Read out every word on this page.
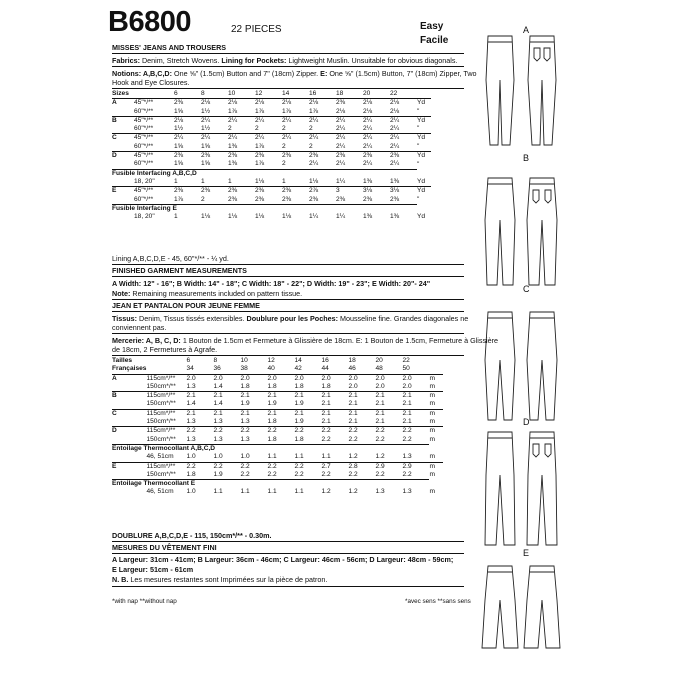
B6800	22 PIECES	Easy
Facile
MISSES' JEANS AND TROUSERS
Fabrics: Denim, Stretch Wovens. Lining for Pockets: Lightweight Muslin. Unsuitable for obvious diagonals.
Notions: A,B,C,D: One ⅝" (1.5cm) Button and 7" (18cm) Zipper. E: One ⅝" (1.5cm) Button, 7" (18cm) Zipper, Two
Hook and Eye Closures.
Sizes		6	8	10	12	14	16	18	20	22	
A	45"*/**	2⅜	2⅛	2⅛	2⅛	2⅛	2⅛	2⅜	2⅛	2⅛	Yd
	60"*/**	1⅝	1½	1⅞	1⅞	1⅞	1⅞	2⅛	2⅛	2⅛	"
B	45"*/**	2⅛	2¼	2¼	2¼	2¼	2¼	2¼	2¼	2¼	Yd
	60"*/**	1½	1½	2	2	2	2	2¼	2¼	2¼	"
C	45"*/**	2¼	2¼	2¼	2¼	2¼	2¼	2¼	2¼	2¼	Yd
	60"*/**	1⅝	1⅝	1⅜	1⅞	2	2	2¼	2¼	2¼	"
D	45"*/**	2⅜	2⅜	2⅜	2⅜	2⅜	2⅜	2⅜	2⅜	2⅜	Yd
	60"*/**	1⅝	1⅝	1⅜	1⅞	2	2¼	2¼	2¼	2¼	"
Fusible Interfacing A,B,C,D											
	18, 20"	1	1	1	1⅛	1	1⅛	1¼	1⅜	1⅜	Yd
E	45"*/**	2⅜	2⅜	2⅜	2⅜	2⅜	2⅞	3	3⅛	3⅛	Yd
	60"*/**	1⅞	2	2⅜	2⅜	2⅜	2⅜	2⅜	2⅜	2⅜	"
Fusible Interfacing E											
	18, 20"	1	1⅛	1⅛	1⅛	1⅛	1¼	1¼	1⅜	1⅜	Yd
Lining A,B,C,D,E - 45, 60"*/** - ¼ yd.
FINISHED GARMENT MEASUREMENTS
A Width: 12" - 16"; B Width: 14" - 18"; C Width: 18" - 22"; D Width: 19" - 23"; E Width: 20"- 24"
Note: Remaining measurements included on pattern tissue.
JEAN ET PANTALON POUR JEUNE FEMME
Tissus: Denim, Tissus tissés extensibles. Doublure pour les Poches: Mousseline fine. Grandes diagonales ne
conviennent pas.
Mercerie: A, B, C, D: 1 Bouton de 1.5cm et Fermeture à Glissière de 18cm. E: 1 Bouton de 1.5cm, Fermeture à Glissière
de 18cm, 2 Fermetures à Agrafe.
Tailles		6	8	10	12	14	16	18	20	22	
Françaises		34	36	38	40	42	44	46	48	50	
A	115cm*/**	2.0	2.0	2.0	2.0	2.0	2.0	2.0	2.0	2.0	m
	150cm*/**	1.3	1.4	1.8	1.8	1.8	1.8	2.0	2.0	2.0	m
B	115cm*/**	2.1	2.1	2.1	2.1	2.1	2.1	2.1	2.1	2.1	m
	150cm*/**	1.4	1.4	1.9	1.9	1.9	2.1	2.1	2.1	2.1	m
C	115cm*/**	2.1	2.1	2.1	2.1	2.1	2.1	2.1	2.1	2.1	m
	150cm*/**	1.3	1.3	1.3	1.8	1.9	2.1	2.1	2.1	2.1	m
D	115cm*/**	2.2	2.2	2.2	2.2	2.2	2.2	2.2	2.2	2.2	m
	150cm*/**	1.3	1.3	1.3	1.8	1.8	2.2	2.2	2.2	2.2	m
Entoilage Thermocollant A,B,C,D											
	46, 51cm	1.0	1.0	1.0	1.1	1.1	1.1	1.2	1.2	1.3	m
E	115cm*/**	2.2	2.2	2.2	2.2	2.2	2.7	2.8	2.9	2.9	m
	150cm*/**	1.8	1.9	2.2	2.2	2.2	2.2	2.2	2.2	2.2	m
Entoilage Thermocollant E											
	46, 51cm	1.0	1.1	1.1	1.1	1.1	1.2	1.2	1.3	1.3	m
DOUBLURE A,B,C,D,E - 115, 150cm*/** - 0.30m.
MESURES DU VÊTEMENT FINI
A Largeur: 31cm - 41cm; B Largeur: 36cm - 46cm; C Largeur: 46cm - 56cm; D Largeur: 48cm - 59cm;
E Largeur: 51cm - 61cm
N. B. Les mesures restantes sont Imprimées sur la pièce de patron.
*with nap **without nap	*avec sens **sans sens
A
B
C
D
E
